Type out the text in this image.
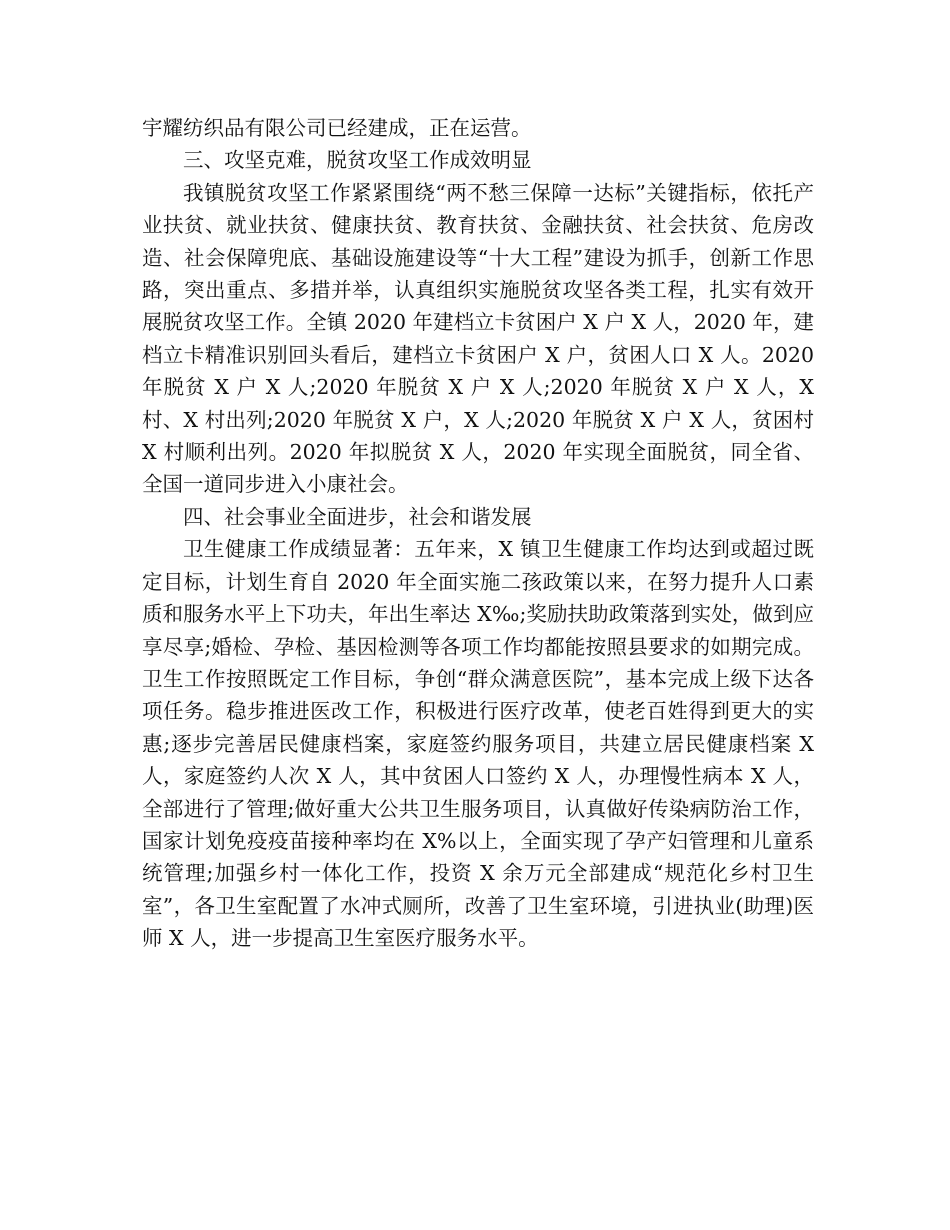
宇耀纺织品有限公司已经建成，正在运营。

三、攻坚克难，脱贫攻坚工作成效明显

我镇脱贫攻坚工作紧紧围绕“两不愁三保障一达标”关键指标，依托产业扶贫、就业扶贫、健康扶贫、教育扶贫、金融扶贫、社会扶贫、危房改造、社会保障兜底、基础设施建设等“十大工程”建设为抓手，创新工作思路，突出重点、多措并举，认真组织实施脱贫攻坚各类工程，扎实有效开展脱贫攻坚工作。全镇 2020 年建档立卡贫困户 X 户 X 人，2020 年，建档立卡精准识别回头看后，建档立卡贫困户 X 户，贫困人口 X 人。2020 年脱贫 X 户 X 人;2020 年脱贫 X 户 X 人;2020 年脱贫 X 户 X 人，X 村、X 村出列;2020 年脱贫 X 户，X 人;2020 年脱贫 X 户 X 人，贫困村 X 村顺利出列。2020 年拟脱贫 X 人，2020 年实现全面脱贫，同全省、全国一道同步进入小康社会。

四、社会事业全面进步，社会和谐发展

卫生健康工作成绩显著：五年来，X 镇卫生健康工作均达到或超过既定目标，计划生育自 2020 年全面实施二孩政策以来，在努力提升人口素质和服务水平上下功夫，年出生率达 X‰;奖励扶助政策落到实处，做到应享尽享;婚检、孕检、基因检测等各项工作均都能按照县要求的如期完成。卫生工作按照既定工作目标，争创“群众满意医院”，基本完成上级下达各项任务。稳步推进医改工作，积极进行医疗改革，使老百姓得到更大的实惠;逐步完善居民健康档案，家庭签约服务项目，共建立居民健康档案 X 人，家庭签约人次 X 人，其中贫困人口签约 X 人，办理慢性病本 X 人，全部进行了管理;做好重大公共卫生服务项目，认真做好传染病防治工作，国家计划免疫疫苗接种率均在 X%以上，全面实现了孕产妇管理和儿童系统管理;加强乡村一体化工作，投资 X 余万元全部建成“规范化乡村卫生室”，各卫生室配置了水冲式厕所，改善了卫生室环境，引进执业(助理)医师 X 人，进一步提高卫生室医疗服务水平。
